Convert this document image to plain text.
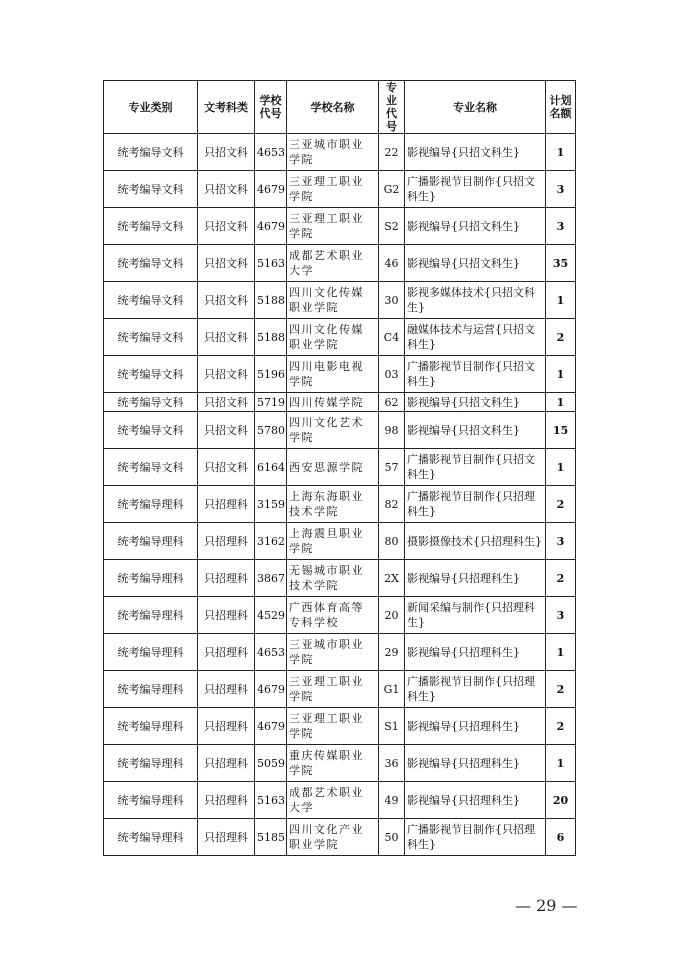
专业类别	文考科类	学校代号	学校名称	专业代号	专业名称	计划名额
统考编导文科	只招文科	4653	三亚城市职业学院	22	影视编导{只招文科生}	1
统考编导文科	只招文科	4679	三亚理工职业学院	G2	广播影视节目制作{只招文科生}	3
统考编导文科	只招文科	4679	三亚理工职业学院	S2	影视编导{只招文科生}	3
统考编导文科	只招文科	5163	成都艺术职业大学	46	影视编导{只招文科生}	35
统考编导文科	只招文科	5188	四川文化传媒职业学院	30	影视多媒体技术{只招文科生}	1
统考编导文科	只招文科	5188	四川文化传媒职业学院	C4	融媒体技术与运营{只招文科生}	2
统考编导文科	只招文科	5196	四川电影电视学院	03	广播影视节目制作{只招文科生}	1
统考编导文科	只招文科	5719	四川传媒学院	62	影视编导{只招文科生}	1
统考编导文科	只招文科	5780	四川文化艺术学院	98	影视编导{只招文科生}	15
统考编导文科	只招文科	6164	西安思源学院	57	广播影视节目制作{只招文科生}	1
统考编导理科	只招理科	3159	上海东海职业技术学院	82	广播影视节目制作{只招理科生}	2
统考编导理科	只招理科	3162	上海震旦职业学院	80	摄影摄像技术{只招理科生}	3
统考编导理科	只招理科	3867	无锡城市职业技术学院	2X	影视编导{只招理科生}	2
统考编导理科	只招理科	4529	广西体育高等专科学校	20	新闻采编与制作{只招理科生}	3
统考编导理科	只招理科	4653	三亚城市职业学院	29	影视编导{只招理科生}	1
统考编导理科	只招理科	4679	三亚理工职业学院	G1	广播影视节目制作{只招理科生}	2
统考编导理科	只招理科	4679	三亚理工职业学院	S1	影视编导{只招理科生}	2
统考编导理科	只招理科	5059	重庆传媒职业学院	36	影视编导{只招理科生}	1
统考编导理科	只招理科	5163	成都艺术职业大学	49	影视编导{只招理科生}	20
统考编导理科	只招理科	5185	四川文化产业职业学院	50	广播影视节目制作{只招理科生}	6
— 29 —
